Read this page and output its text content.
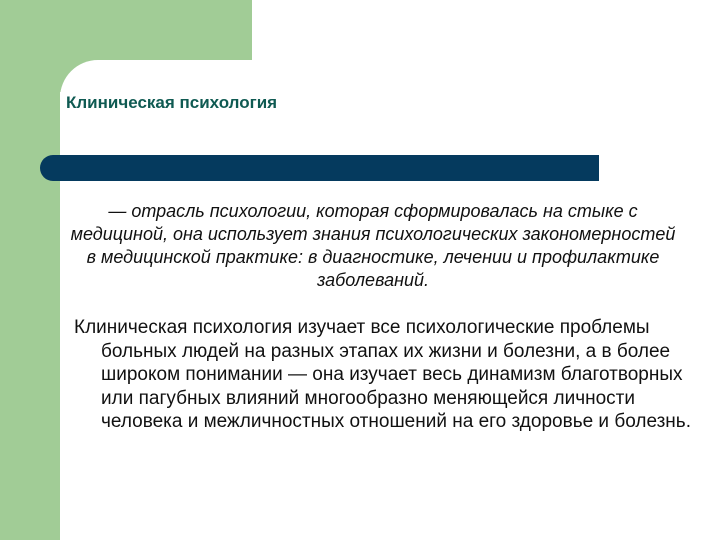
Клиническая психология

— отрасль психологии, которая сформировалась на стыке с медициной, она использует знания психологических закономерностей в медицинской практике: в диагностике, лечении и профилактике заболеваний.

Клиническая психология изучает все психологические проблемы больных людей на разных этапах их жизни и болезни, а в более широком понимании — она изучает весь динамизм благотворных или пагубных влияний многообразно меняющейся личности человека и межличностных отношений на его здоровье и болезнь.
